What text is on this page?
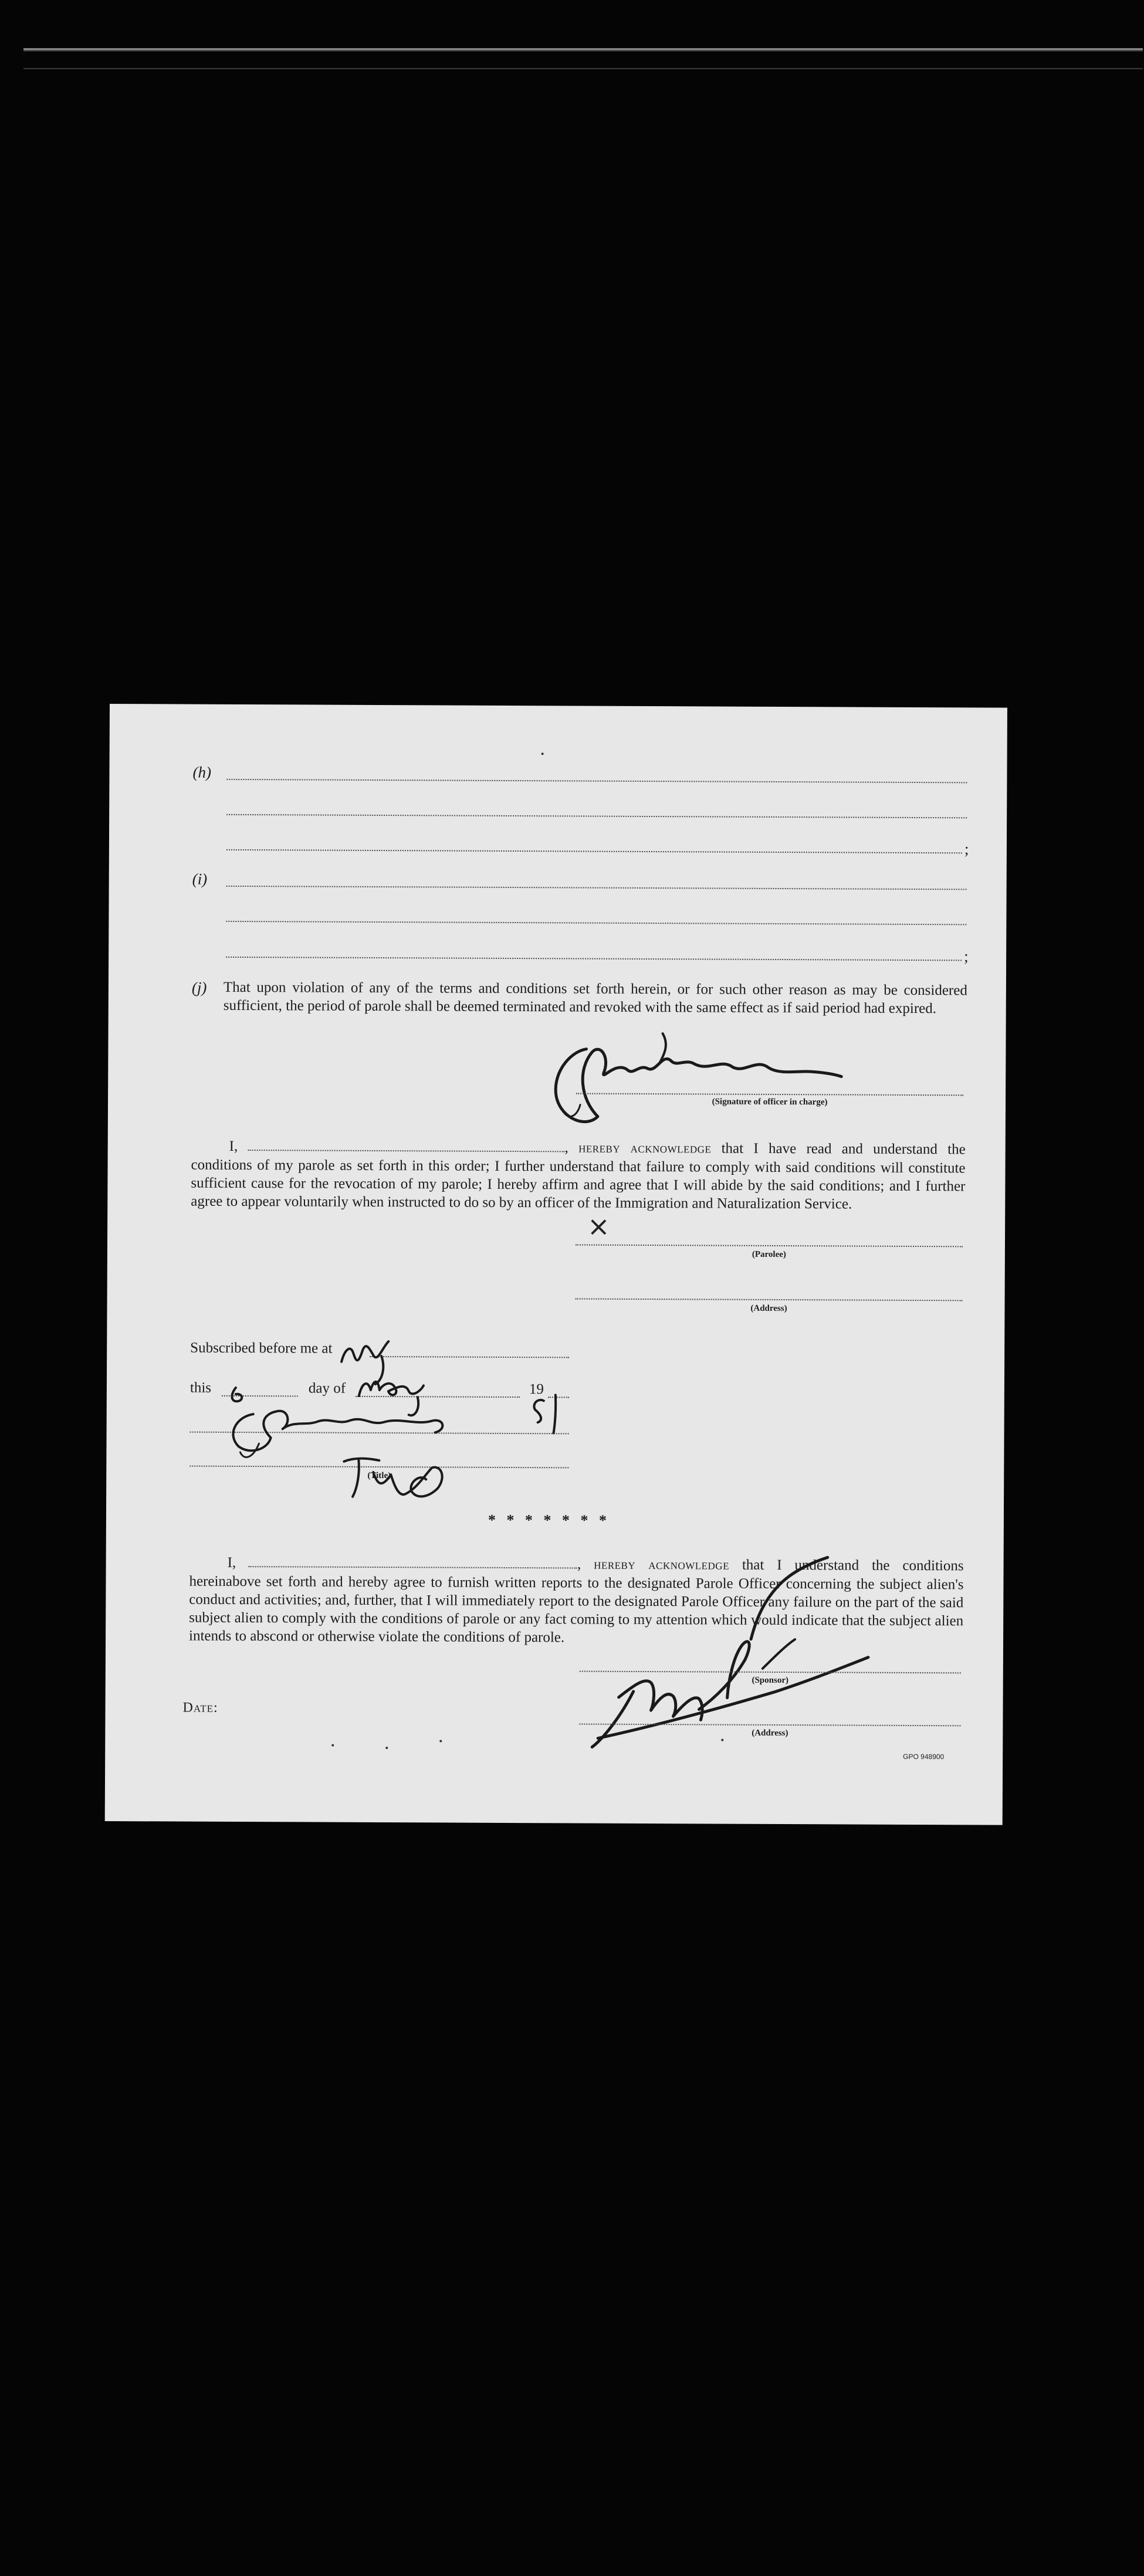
(h)
;
(i)
;
(j) That upon violation of any of the terms and conditions set forth herein, or for such other reason as may be considered sufficient, the period of parole shall be deemed terminated and revoked with the same effect as if said period had expired.
(Signature of officer in charge)
I,	, hereby acknowledge that I have read and understand the conditions of my parole as set forth in this order; I further understand that failure to comply with said conditions will constitute sufficient cause for the revocation of my parole; I hereby affirm and agree that I will abide by the said conditions; and I further agree to appear voluntarily when instructed to do so by an officer of the Immigration and Naturalization Service.
×
(Parolee)
(Address)
Subscribed before me at
this	day of	19
(Title)
* * * * * * *
I,	, hereby acknowledge that I understand the conditions hereinabove set forth and hereby agree to furnish written reports to the designated Parole Officer concerning the subject alien's conduct and activities; and, further, that I will immediately report to the designated Parole Officer any failure on the part of the said subject alien to comply with the conditions of parole or any fact coming to my attention which would indicate that the subject alien intends to abscond or otherwise violate the conditions of parole.
(Sponsor)
Date:
(Address)
GPO 948900
